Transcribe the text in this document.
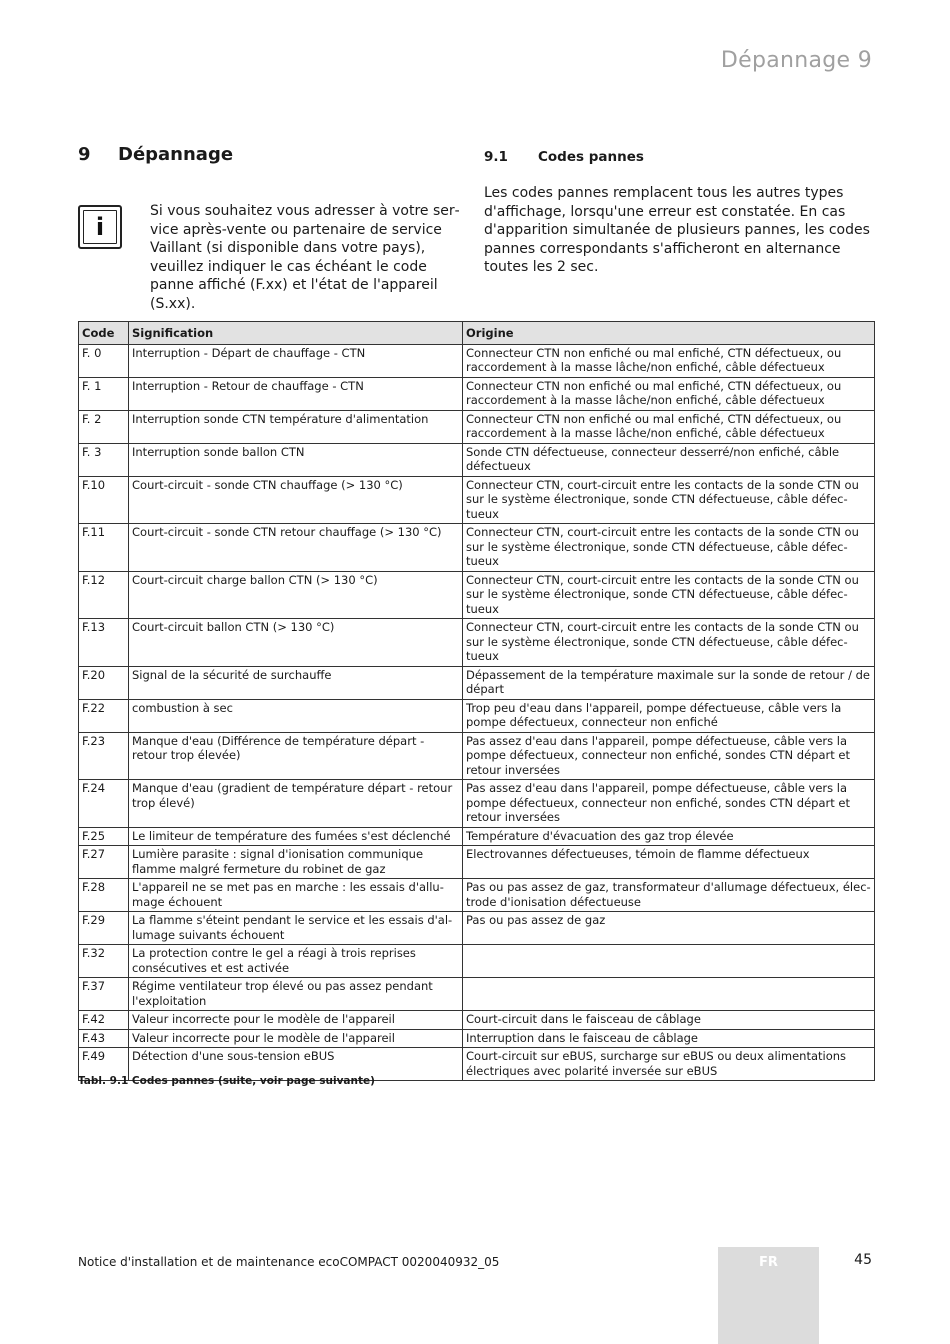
Dépannage 9
9 Dépannage
i
Si vous souhaitez vous adresser à votre service après-vente ou partenaire de service Vaillant (si disponible dans votre pays), veuillez indiquer le cas échéant le code panne affiché (F.xx) et l'état de l'appareil (S.xx).
9.1 Codes pannes
Les codes pannes remplacent tous les autres types d'affichage, lorsqu'une erreur est constatée. En cas d'apparition simultanée de plusieurs pannes, les codes pannes correspondants s'afficheront en alternance toutes les 2 sec.
Code	Signification	Origine
F. 0	Interruption - Départ de chauffage - CTN	Connecteur CTN non enfiché ou mal enfiché, CTN défectueux, ou raccordement à la masse lâche/non enfiché, câble défectueux
F. 1	Interruption - Retour de chauffage - CTN	Connecteur CTN non enfiché ou mal enfiché, CTN défectueux, ou raccordement à la masse lâche/non enfiché, câble défectueux
F. 2	Interruption sonde CTN température d'alimentation	Connecteur CTN non enfiché ou mal enfiché, CTN défectueux, ou raccordement à la masse lâche/non enfiché, câble défectueux
F. 3	Interruption sonde ballon CTN	Sonde CTN défectueuse, connecteur desserré/non enfiché, câble défectueux
F.10	Court-circuit - sonde CTN chauffage (> 130 °C)	Connecteur CTN, court-circuit entre les contacts de la sonde CTN ou sur le système électronique, sonde CTN défectueuse, câble défectueux
F.11	Court-circuit - sonde CTN retour chauffage (> 130 °C)	Connecteur CTN, court-circuit entre les contacts de la sonde CTN ou sur le système électronique, sonde CTN défectueuse, câble défectueux
F.12	Court-circuit charge ballon CTN (> 130 °C)	Connecteur CTN, court-circuit entre les contacts de la sonde CTN ou sur le système électronique, sonde CTN défectueuse, câble défectueux
F.13	Court-circuit ballon CTN (> 130 °C)	Connecteur CTN, court-circuit entre les contacts de la sonde CTN ou sur le système électronique, sonde CTN défectueuse, câble défectueux
F.20	Signal de la sécurité de surchauffe	Dépassement de la température maximale sur la sonde de retour / de départ
F.22	combustion à sec	Trop peu d'eau dans l'appareil, pompe défectueuse, câble vers la pompe défectueux, connecteur non enfiché
F.23	Manque d'eau (Différence de température départ - retour trop élevée)	Pas assez d'eau dans l'appareil, pompe défectueuse, câble vers la pompe défectueux, connecteur non enfiché, sondes CTN départ et retour inversées
F.24	Manque d'eau (gradient de température départ - retour trop élevé)	Pas assez d'eau dans l'appareil, pompe défectueuse, câble vers la pompe défectueux, connecteur non enfiché, sondes CTN départ et retour inversées
F.25	Le limiteur de température des fumées s'est déclenché	Température d'évacuation des gaz trop élevée
F.27	Lumière parasite : signal d'ionisation communique flamme malgré fermeture du robinet de gaz	Electrovannes défectueuses, témoin de flamme défectueux
F.28	L'appareil ne se met pas en marche : les essais d'allumage échouent	Pas ou pas assez de gaz, transformateur d'allumage défectueux, électrode d'ionisation défectueuse
F.29	La flamme s'éteint pendant le service et les essais d'allumage suivants échouent	Pas ou pas assez de gaz
F.32	La protection contre le gel a réagi à trois reprises consécutives et est activée	
F.37	Régime ventilateur trop élevé ou pas assez pendant l'exploitation	
F.42	Valeur incorrecte pour le modèle de l'appareil	Court-circuit dans le faisceau de câblage
F.43	Valeur incorrecte pour le modèle de l'appareil	Interruption dans le faisceau de câblage
F.49	Détection d'une sous-tension eBUS	Court-circuit sur eBUS, surcharge sur eBUS ou deux alimentations électriques avec polarité inversée sur eBUS
Tabl. 9.1 Codes pannes (suite, voir page suivante)
Notice d'installation et de maintenance ecoCOMPACT 0020040932_05	FR	45
